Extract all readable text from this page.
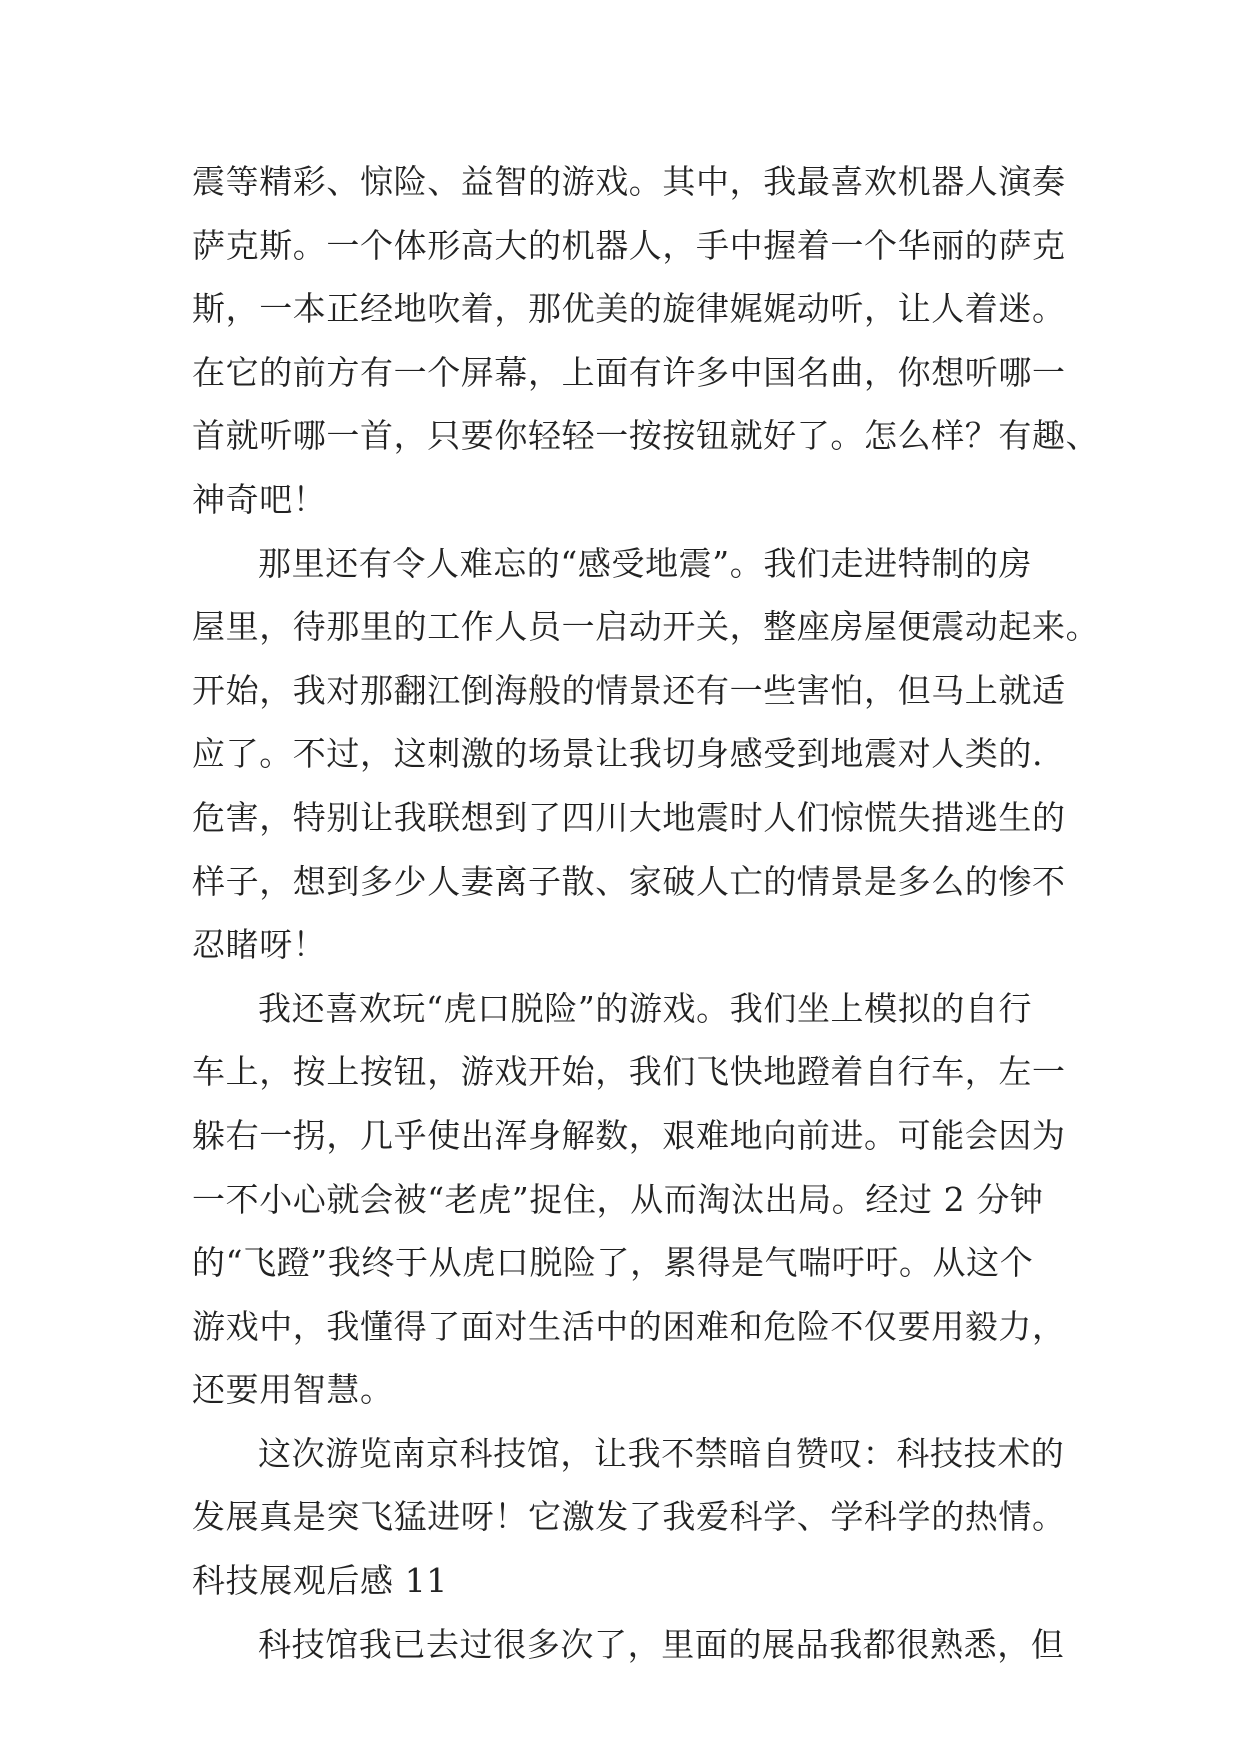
震等精彩、惊险、益智的游戏。其中，我最喜欢机器人演奏
萨克斯。一个体形高大的机器人，手中握着一个华丽的萨克
斯，一本正经地吹着，那优美的旋律娓娓动听，让人着迷。
在它的前方有一个屏幕，上面有许多中国名曲，你想听哪一
首就听哪一首，只要你轻轻一按按钮就好了。怎么样？有趣、
神奇吧！
那里还有令人难忘的“感受地震”。我们走进特制的房
屋里，待那里的工作人员一启动开关，整座房屋便震动起来。
开始，我对那翻江倒海般的情景还有一些害怕，但马上就适
应了。不过，这刺激的场景让我切身感受到地震对人类的.
危害，特别让我联想到了四川大地震时人们惊慌失措逃生的
样子，想到多少人妻离子散、家破人亡的情景是多么的惨不
忍睹呀！
我还喜欢玩“虎口脱险”的游戏。我们坐上模拟的自行
车上，按上按钮，游戏开始，我们飞快地蹬着自行车，左一
躲右一拐，几乎使出浑身解数，艰难地向前进。可能会因为
一不小心就会被“老虎”捉住，从而淘汰出局。经过 2 分钟
的“飞蹬”我终于从虎口脱险了，累得是气喘吁吁。从这个
游戏中，我懂得了面对生活中的困难和危险不仅要用毅力，
还要用智慧。
这次游览南京科技馆，让我不禁暗自赞叹：科技技术的
发展真是突飞猛进呀！它激发了我爱科学、学科学的热情。
科技展观后感 11
科技馆我已去过很多次了，里面的展品我都很熟悉，但
